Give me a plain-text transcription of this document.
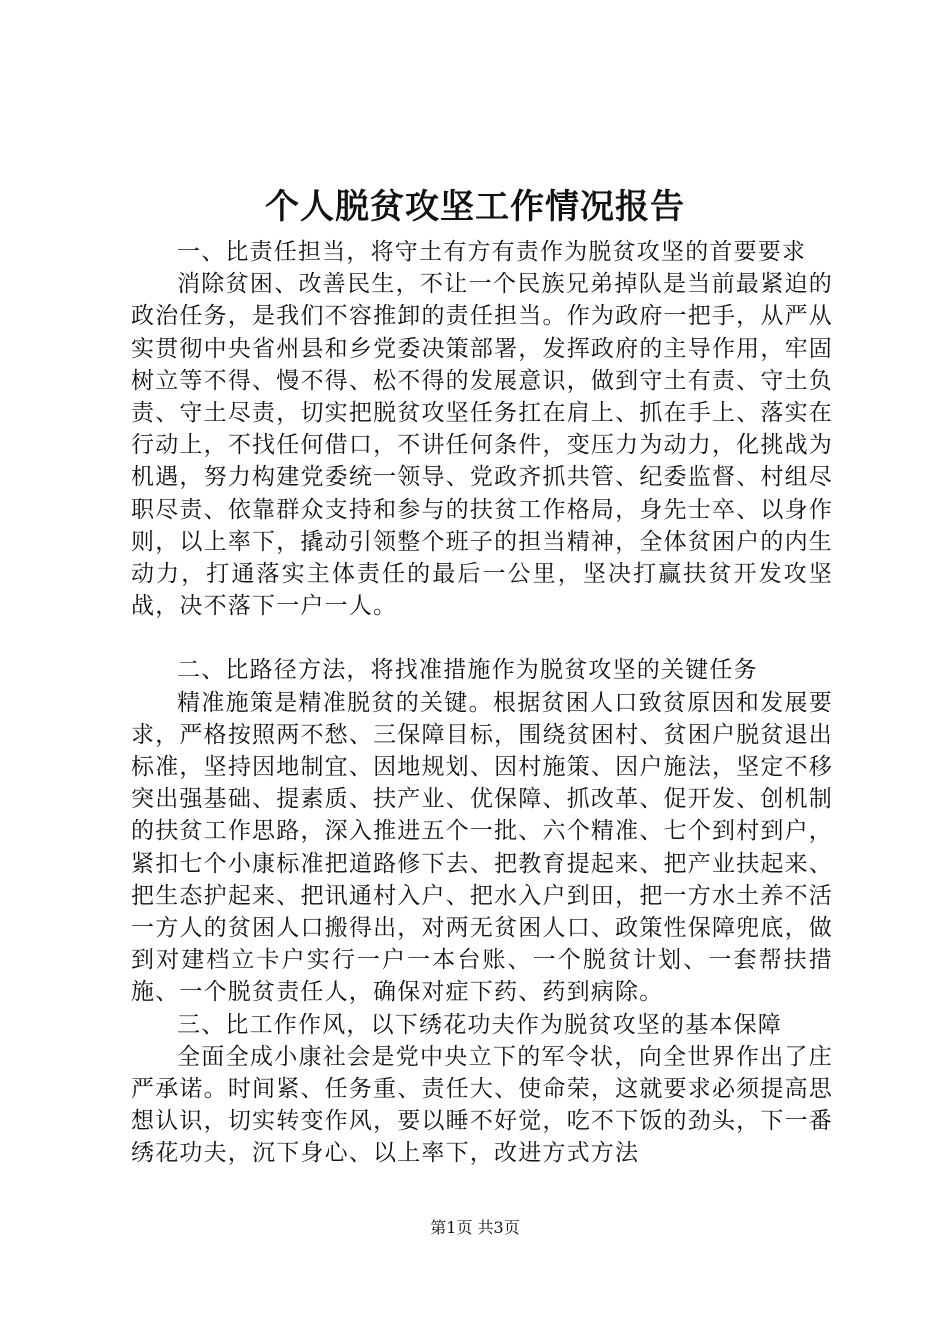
个人脱贫攻坚工作情况报告

一、比责任担当，将守土有方有责作为脱贫攻坚的首要要求

消除贫困、改善民生，不让一个民族兄弟掉队是当前最紧迫的政治任务，是我们不容推卸的责任担当。作为政府一把手，从严从实贯彻中央省州县和乡党委决策部署，发挥政府的主导作用，牢固树立等不得、慢不得、松不得的发展意识，做到守土有责、守土负责、守土尽责，切实把脱贫攻坚任务扛在肩上、抓在手上、落实在行动上，不找任何借口，不讲任何条件，变压力为动力，化挑战为机遇，努力构建党委统一领导、党政齐抓共管、纪委监督、村组尽职尽责、依靠群众支持和参与的扶贫工作格局，身先士卒、以身作则，以上率下，撬动引领整个班子的担当精神，全体贫困户的内生动力，打通落实主体责任的最后一公里，坚决打赢扶贫开发攻坚战，决不落下一户一人。

二、比路径方法，将找准措施作为脱贫攻坚的关键任务

精准施策是精准脱贫的关键。根据贫困人口致贫原因和发展要求，严格按照两不愁、三保障目标，围绕贫困村、贫困户脱贫退出标准，坚持因地制宜、因地规划、因村施策、因户施法，坚定不移突出强基础、提素质、扶产业、优保障、抓改革、促开发、创机制的扶贫工作思路，深入推进五个一批、六个精准、七个到村到户，紧扣七个小康标准把道路修下去、把教育提起来、把产业扶起来、把生态护起来、把讯通村入户、把水入户到田，把一方水土养不活一方人的贫困人口搬得出，对两无贫困人口、政策性保障兜底，做到对建档立卡户实行一户一本台账、一个脱贫计划、一套帮扶措施、一个脱贫责任人，确保对症下药、药到病除。

三、比工作作风，以下绣花功夫作为脱贫攻坚的基本保障

全面全成小康社会是党中央立下的军令状，向全世界作出了庄严承诺。时间紧、任务重、责任大、使命荣，这就要求必须提高思想认识，切实转变作风，要以睡不好觉，吃不下饭的劲头，下一番绣花功夫，沉下身心、以上率下，改进方式方法

第1页 共3页
